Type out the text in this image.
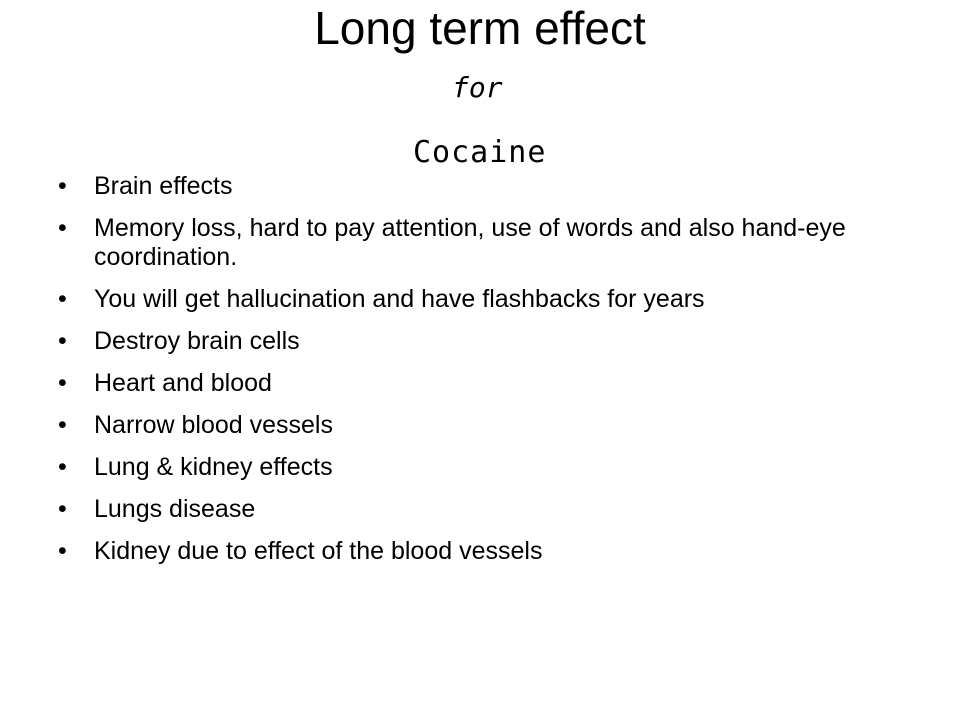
Long term effect
for
Cocaine
• Brain effects
• Memory loss, hard to pay attention, use of words and also hand-eye coordination.
• You will get hallucination and have flashbacks for years
• Destroy brain cells
• Heart and blood
• Narrow blood vessels
• Lung & kidney effects
• Lungs disease
• Kidney due to effect of the blood vessels
